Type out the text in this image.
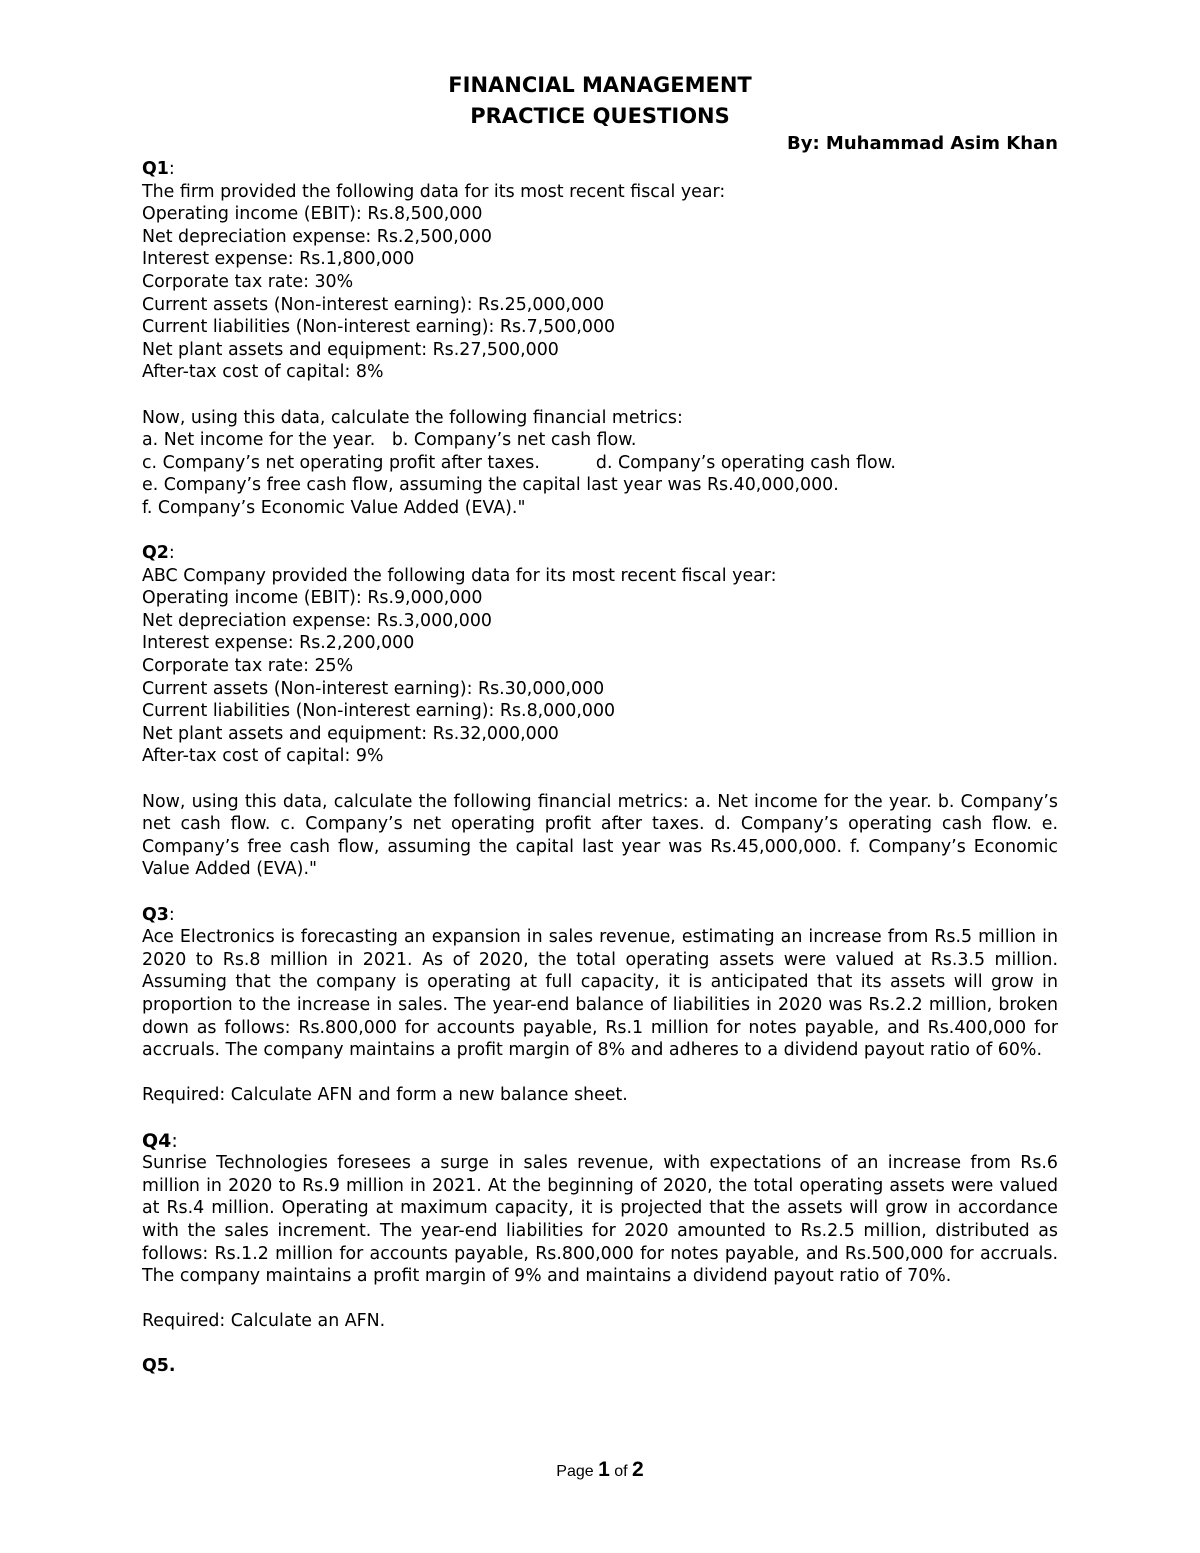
FINANCIAL MANAGEMENT

PRACTICE QUESTIONS

By: Muhammad Asim Khan

Q1:

The firm provided the following data for its most recent fiscal year:

Operating income (EBIT): Rs.8,500,000

Net depreciation expense: Rs.2,500,000

Interest expense: Rs.1,800,000

Corporate tax rate: 30%

Current assets (Non-interest earning): Rs.25,000,000

Current liabilities (Non-interest earning): Rs.7,500,000

Net plant assets and equipment: Rs.27,500,000

After-tax cost of capital: 8%

Now, using this data, calculate the following financial metrics:

a. Net income for the year. b. Company’s net cash flow.

c. Company’s net operating profit after taxes.	d. Company’s operating cash flow.

e. Company’s free cash flow, assuming the capital last year was Rs.40,000,000.

f. Company’s Economic Value Added (EVA)."

Q2:

ABC Company provided the following data for its most recent fiscal year:

Operating income (EBIT): Rs.9,000,000

Net depreciation expense: Rs.3,000,000

Interest expense: Rs.2,200,000

Corporate tax rate: 25%

Current assets (Non-interest earning): Rs.30,000,000

Current liabilities (Non-interest earning): Rs.8,000,000

Net plant assets and equipment: Rs.32,000,000

After-tax cost of capital: 9%

Now, using this data, calculate the following financial metrics: a. Net income for the year. b. Company’s net cash flow. c. Company’s net operating profit after taxes. d. Company’s operating cash flow. e. Company’s free cash flow, assuming the capital last year was Rs.45,000,000. f. Company’s Economic Value Added (EVA)."

Q3:

Ace Electronics is forecasting an expansion in sales revenue, estimating an increase from Rs.5 million in 2020 to Rs.8 million in 2021. As of 2020, the total operating assets were valued at Rs.3.5 million. Assuming that the company is operating at full capacity, it is anticipated that its assets will grow in proportion to the increase in sales. The year-end balance of liabilities in 2020 was Rs.2.2 million, broken down as follows: Rs.800,000 for accounts payable, Rs.1 million for notes payable, and Rs.400,000 for accruals. The company maintains a profit margin of 8% and adheres to a dividend payout ratio of 60%.

Required: Calculate AFN and form a new balance sheet.

Q4:

Sunrise Technologies foresees a surge in sales revenue, with expectations of an increase from Rs.6 million in 2020 to Rs.9 million in 2021. At the beginning of 2020, the total operating assets were valued at Rs.4 million. Operating at maximum capacity, it is projected that the assets will grow in accordance with the sales increment. The year-end liabilities for 2020 amounted to Rs.2.5 million, distributed as follows: Rs.1.2 million for accounts payable, Rs.800,000 for notes payable, and Rs.500,000 for accruals. The company maintains a profit margin of 9% and maintains a dividend payout ratio of 70%.

Required: Calculate an AFN.

Q5.

Page 1 of 2
